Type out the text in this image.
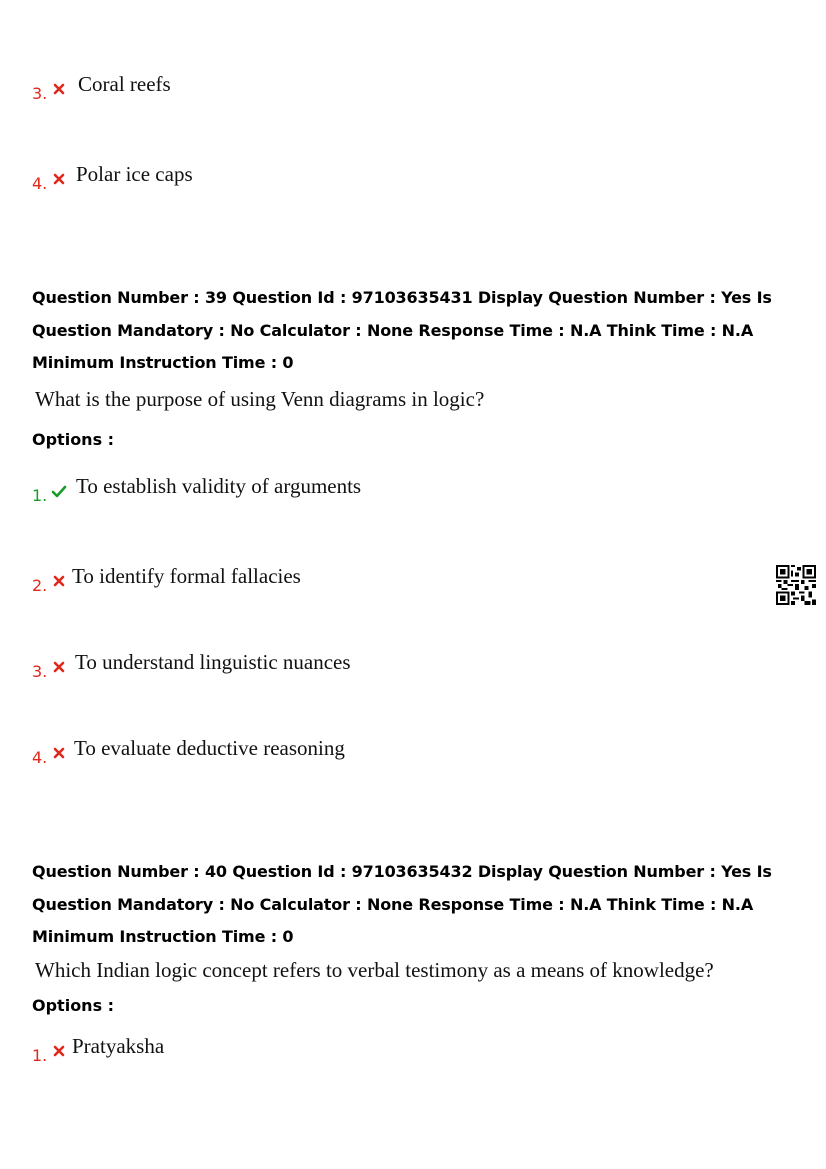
3. Coral reefs
4. Polar ice caps
Question Number : 39 Question Id : 97103635431 Display Question Number : Yes Is Question Mandatory : No Calculator : None Response Time : N.A Think Time : N.A Minimum Instruction Time : 0
What is the purpose of using Venn diagrams in logic?
Options :
1. To establish validity of arguments
2. To identify formal fallacies
3. To understand linguistic nuances
4. To evaluate deductive reasoning
Question Number : 40 Question Id : 97103635432 Display Question Number : Yes Is Question Mandatory : No Calculator : None Response Time : N.A Think Time : N.A Minimum Instruction Time : 0
Which Indian logic concept refers to verbal testimony as a means of knowledge?
Options :
1. Pratyaksha
